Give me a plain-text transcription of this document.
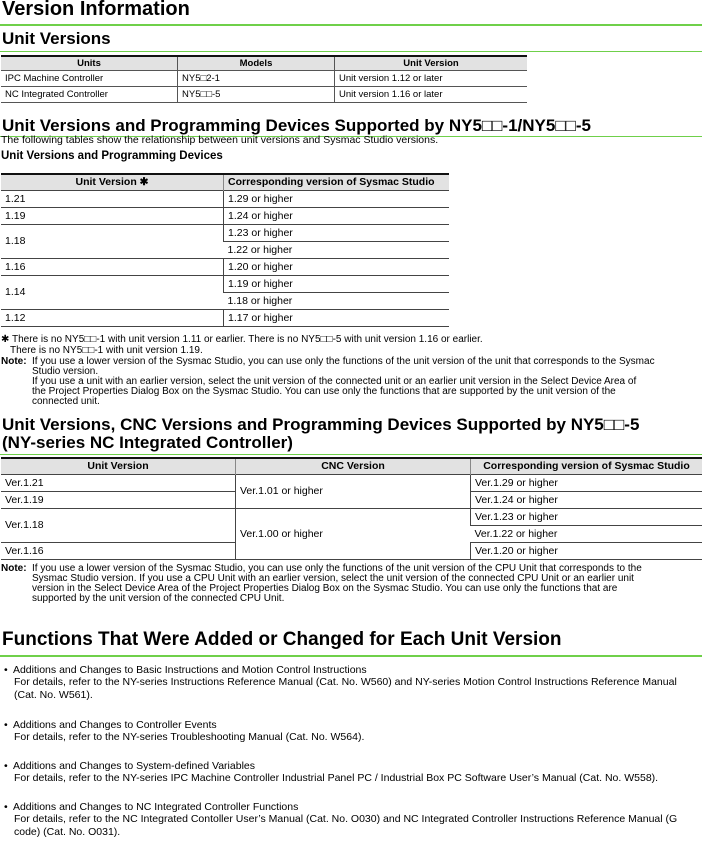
Version Information
Unit Versions
Units	Models	Unit Version
IPC Machine Controller	NY5□2-1	Unit version 1.12 or later
NC Integrated Controller	NY5□□-5	Unit version 1.16 or later
Unit Versions and Programming Devices Supported by NY5□□-1/NY5□□-5
The following tables show the relationship between unit versions and Sysmac Studio versions.
Unit Versions and Programming Devices
Unit Version ✱	Corresponding version of Sysmac Studio
1.21	1.29 or higher
1.19	1.24 or higher
1.18	1.23 or higher
	1.22 or higher
1.16	1.20 or higher
1.14	1.19 or higher
	1.18 or higher
1.12	1.17 or higher
✱ There is no NY5□□-1 with unit version 1.11 or earlier. There is no NY5□□-5 with unit version 1.16 or earlier.
There is no NY5□□-1 with unit version 1.19.
Note: If you use a lower version of the Sysmac Studio, you can use only the functions of the unit version of the unit that corresponds to the Sysmac
Studio version.
If you use a unit with an earlier version, select the unit version of the connected unit or an earlier unit version in the Select Device Area of
the Project Properties Dialog Box on the Sysmac Studio. You can use only the functions that are supported by the unit version of the
connected unit.
Unit Versions, CNC Versions and Programming Devices Supported by NY5□□-5
(NY-series NC Integrated Controller)
Unit Version	CNC Version	Corresponding version of Sysmac Studio
Ver.1.21	Ver.1.01 or higher	Ver.1.29 or higher
Ver.1.19		Ver.1.24 or higher
Ver.1.18	Ver.1.00 or higher	Ver.1.23 or higher
		Ver.1.22 or higher
Ver.1.16		Ver.1.20 or higher
Note: If you use a lower version of the Sysmac Studio, you can use only the functions of the unit version of the CPU Unit that corresponds to the
Sysmac Studio version. If you use a CPU Unit with an earlier version, select the unit version of the connected CPU Unit or an earlier unit
version in the Select Device Area of the Project Properties Dialog Box on the Sysmac Studio. You can use only the functions that are
supported by the unit version of the connected CPU Unit.
Functions That Were Added or Changed for Each Unit Version
• Additions and Changes to Basic Instructions and Motion Control Instructions
For details, refer to the NY-series Instructions Reference Manual (Cat. No. W560) and NY-series Motion Control Instructions Reference Manual
(Cat. No. W561).
• Additions and Changes to Controller Events
For details, refer to the NY-series Troubleshooting Manual (Cat. No. W564).
• Additions and Changes to System-defined Variables
For details, refer to the NY-series IPC Machine Controller Industrial Panel PC / Industrial Box PC Software User’s Manual (Cat. No. W558).
• Additions and Changes to NC Integrated Controller Functions
For details, refer to the NC Integrated Contoller User’s Manual (Cat. No. O030) and NC Integrated Controller Instructions Reference Manual (G
code) (Cat. No. O031).
